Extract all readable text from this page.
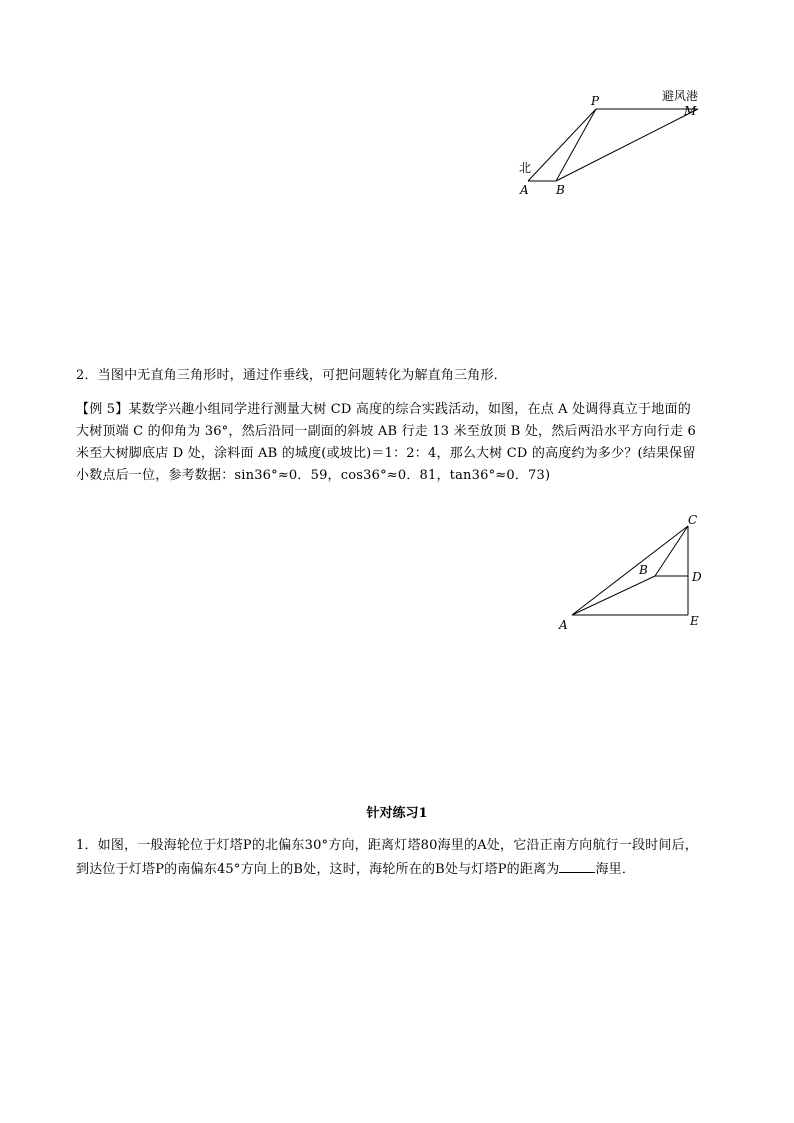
P	避风港
M
北
A B
2．当图中无直角三角形时，通过作垂线，可把问题转化为解直角三角形．
【例 5】某数学兴趣小组同学进行测量大树 CD 高度的综合实践活动，如图，在点 A 处调得真立于地面的
大树顶端 C 的仰角为 36°，然后沿同一副面的斜坡 AB 行走 13 米至放顶 B 处，然后两沿水平方向行走 6
米至大树脚底店 D 处，涂料面 AB 的城度(或坡比)＝1：2：4，那么大树 CD 的高度约为多少？(结果保留
小数点后一位，参考数据：sin36°≈0．59，cos36°≈0．81，tan36°≈0．73)
C
B	D
A	E
针对练习1
1．如图，一般海轮位于灯塔P的北偏东30°方向，距离灯塔80海里的A处，它沿正南方向航行一段时间后，
到达位于灯塔P的南偏东45°方向上的B处，这时，海轮所在的B处与灯塔P的距离为	海里．
